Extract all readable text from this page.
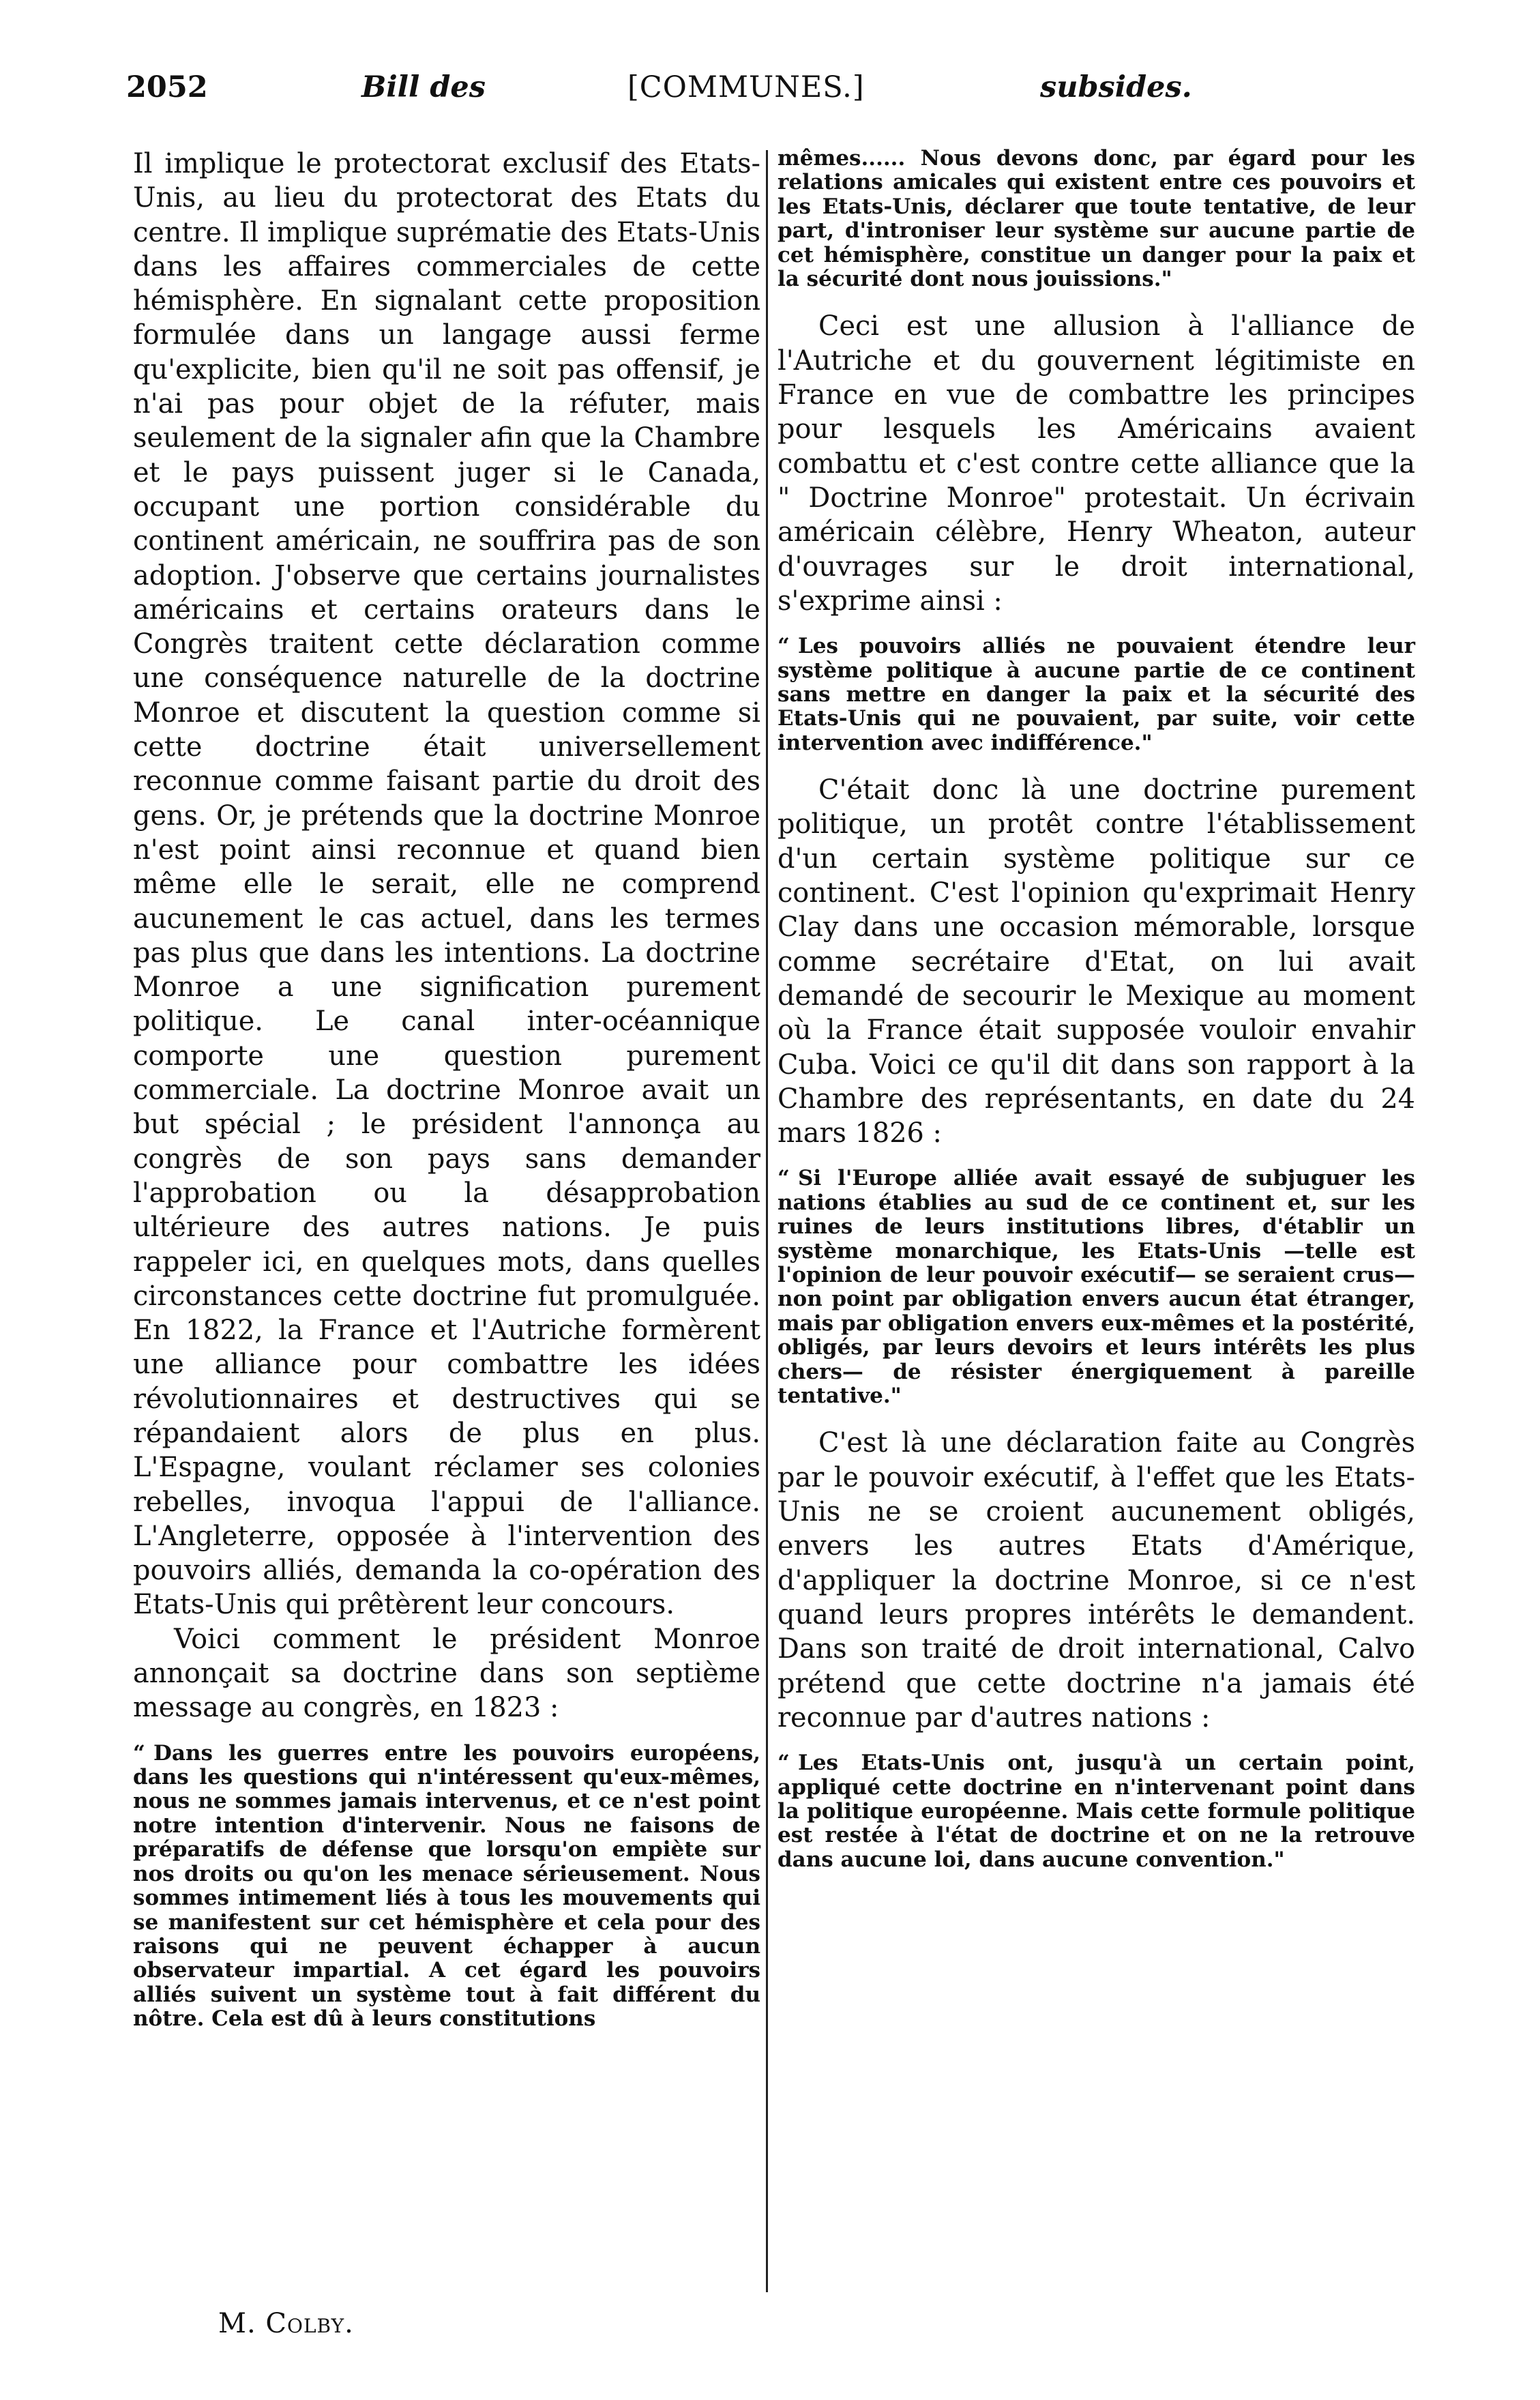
2052	Bill des	[COMMUNES.]	subsides.

Il implique le protectorat exclusif des Etats-Unis, au lieu du protectorat des Etats du centre. Il implique suprématie des Etats-Unis dans les affaires commerciales de cette hémisphère. En signalant cette proposition formulée dans un langage aussi ferme qu'explicite, bien qu'il ne soit pas offensif, je n'ai pas pour objet de la réfuter, mais seulement de la signaler afin que la Chambre et le pays puissent juger si le Canada, occupant une portion considérable du continent américain, ne souffrira pas de son adoption. J'observe que certains journalistes américains et certains orateurs dans le Congrès traitent cette déclaration comme une conséquence naturelle de la doctrine Monroe et discutent la question comme si cette doctrine était universellement reconnue comme faisant partie du droit des gens. Or, je prétends que la doctrine Monroe n'est point ainsi reconnue et quand bien même elle le serait, elle ne comprend aucunement le cas actuel, dans les termes pas plus que dans les intentions. La doctrine Monroe a une signification purement politique. Le canal inter-océannique comporte une question purement commerciale. La doctrine Monroe avait un but spécial ; le président l'annonça au congrès de son pays sans demander l'approbation ou la désapprobation ultérieure des autres nations. Je puis rappeler ici, en quelques mots, dans quelles circonstances cette doctrine fut promulguée. En 1822, la France et l'Autriche formèrent une alliance pour combattre les idées révolutionnaires et destructives qui se répandaient alors de plus en plus. L'Espagne, voulant réclamer ses colonies rebelles, invoqua l'appui de l'alliance. L'Angleterre, opposée à l'intervention des pouvoirs alliés, demanda la co-opération des Etats-Unis qui prêtèrent leur concours.

Voici comment le président Monroe annonçait sa doctrine dans son septième message au congrès, en 1823 :

“ Dans les guerres entre les pouvoirs européens, dans les questions qui n'intéressent qu'eux-mêmes, nous ne sommes jamais intervenus, et ce n'est point notre intention d'intervenir. Nous ne faisons de préparatifs de défense que lorsqu'on empiète sur nos droits ou qu'on les menace sérieusement. Nous sommes intimement liés à tous les mouvements qui se manifestent sur cet hémisphère et cela pour des raisons qui ne peuvent échapper à aucun observateur impartial. A cet égard les pouvoirs alliés suivent un système tout à fait différent du nôtre. Cela est dû à leurs constitutions

mêmes...... Nous devons donc, par égard pour les relations amicales qui existent entre ces pouvoirs et les Etats-Unis, déclarer que toute tentative, de leur part, d'introniser leur système sur aucune partie de cet hémisphère, constitue un danger pour la paix et la sécurité dont nous jouissions."

Ceci est une allusion à l'alliance de l'Autriche et du gouvernent légitimiste en France en vue de combattre les principes pour lesquels les Américains avaient combattu et c'est contre cette alliance que la " Doctrine Monroe" protestait. Un écrivain américain célèbre, Henry Wheaton, auteur d'ouvrages sur le droit international, s'exprime ainsi :

“ Les pouvoirs alliés ne pouvaient étendre leur système politique à aucune partie de ce continent sans mettre en danger la paix et la sécurité des Etats-Unis qui ne pouvaient, par suite, voir cette intervention avec indifférence."

C'était donc là une doctrine purement politique, un protêt contre l'établissement d'un certain système politique sur ce continent. C'est l'opinion qu'exprimait Henry Clay dans une occasion mémorable, lorsque comme secrétaire d'Etat, on lui avait demandé de secourir le Mexique au moment où la France était supposée vouloir envahir Cuba. Voici ce qu'il dit dans son rapport à la Chambre des représentants, en date du 24 mars 1826 :

“ Si l'Europe alliée avait essayé de subjuguer les nations établies au sud de ce continent et, sur les ruines de leurs institutions libres, d'établir un système monarchique, les Etats-Unis —telle est l'opinion de leur pouvoir exécutif— se seraient crus—non point par obligation envers aucun état étranger, mais par obligation envers eux-mêmes et la postérité, obligés, par leurs devoirs et leurs intérêts les plus chers— de résister énergiquement à pareille tentative."

C'est là une déclaration faite au Congrès par le pouvoir exécutif, à l'effet que les Etats-Unis ne se croient aucunement obligés, envers les autres Etats d'Amérique, d'appliquer la doctrine Monroe, si ce n'est quand leurs propres intérêts le demandent. Dans son traité de droit international, Calvo prétend que cette doctrine n'a jamais été reconnue par d'autres nations :

“ Les Etats-Unis ont, jusqu'à un certain point, appliqué cette doctrine en n'intervenant point dans la politique européenne. Mais cette formule politique est restée à l'état de doctrine et on ne la retrouve dans aucune loi, dans aucune convention."

M. Colby.
